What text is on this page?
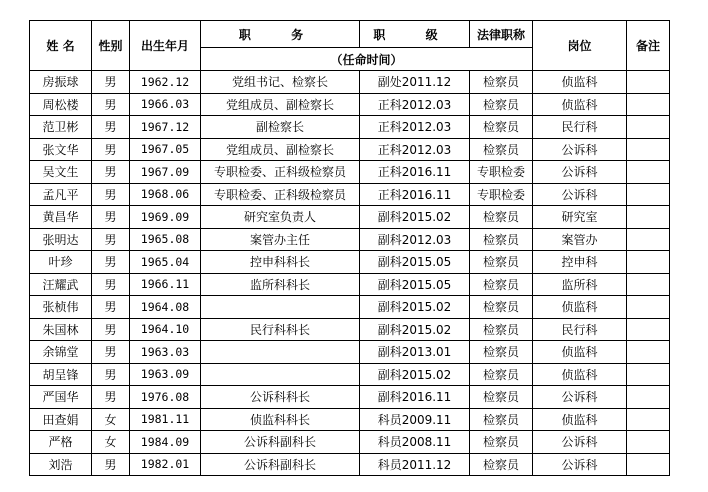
姓 名	性别	出生年月	职 务	职 级	法律职称	岗位	备注
			（任命时间）				
房振球	男	1962.12	党组书记、检察长	副处2011.12	检察员	侦监科	
周松楼	男	1966.03	党组成员、副检察长	正科2012.03	检察员	侦监科	
范卫彬	男	1967.12	副检察长	正科2012.03	检察员	民行科	
张文华	男	1967.05	党组成员、副检察长	正科2012.03	检察员	公诉科	
吴文生	男	1967.09	专职检委、正科级检察员	正科2016.11	专职检委	公诉科	
孟凡平	男	1968.06	专职检委、正科级检察员	正科2016.11	专职检委	公诉科	
黄昌华	男	1969.09	研究室负责人	副科2015.02	检察员	研究室	
张明达	男	1965.08	案管办主任	副科2012.03	检察员	案管办	
叶珍	男	1965.04	控申科科长	副科2015.05	检察员	控申科	
汪耀武	男	1966.11	监所科科长	副科2015.05	检察员	监所科	
张桢伟	男	1964.08		副科2015.02	检察员	侦监科	
朱国林	男	1964.10	民行科科长	副科2015.02	检察员	民行科	
余锦堂	男	1963.03		副科2013.01	检察员	侦监科	
胡呈锋	男	1963.09		副科2015.02	检察员	侦监科	
严国华	男	1976.08	公诉科科长	副科2016.11	检察员	公诉科	
田查娟	女	1981.11	侦监科科长	科员2009.11	检察员	侦监科	
严格	女	1984.09	公诉科副科长	科员2008.11	检察员	公诉科	
刘浩	男	1982.01	公诉科副科长	科员2011.12	检察员	公诉科	
